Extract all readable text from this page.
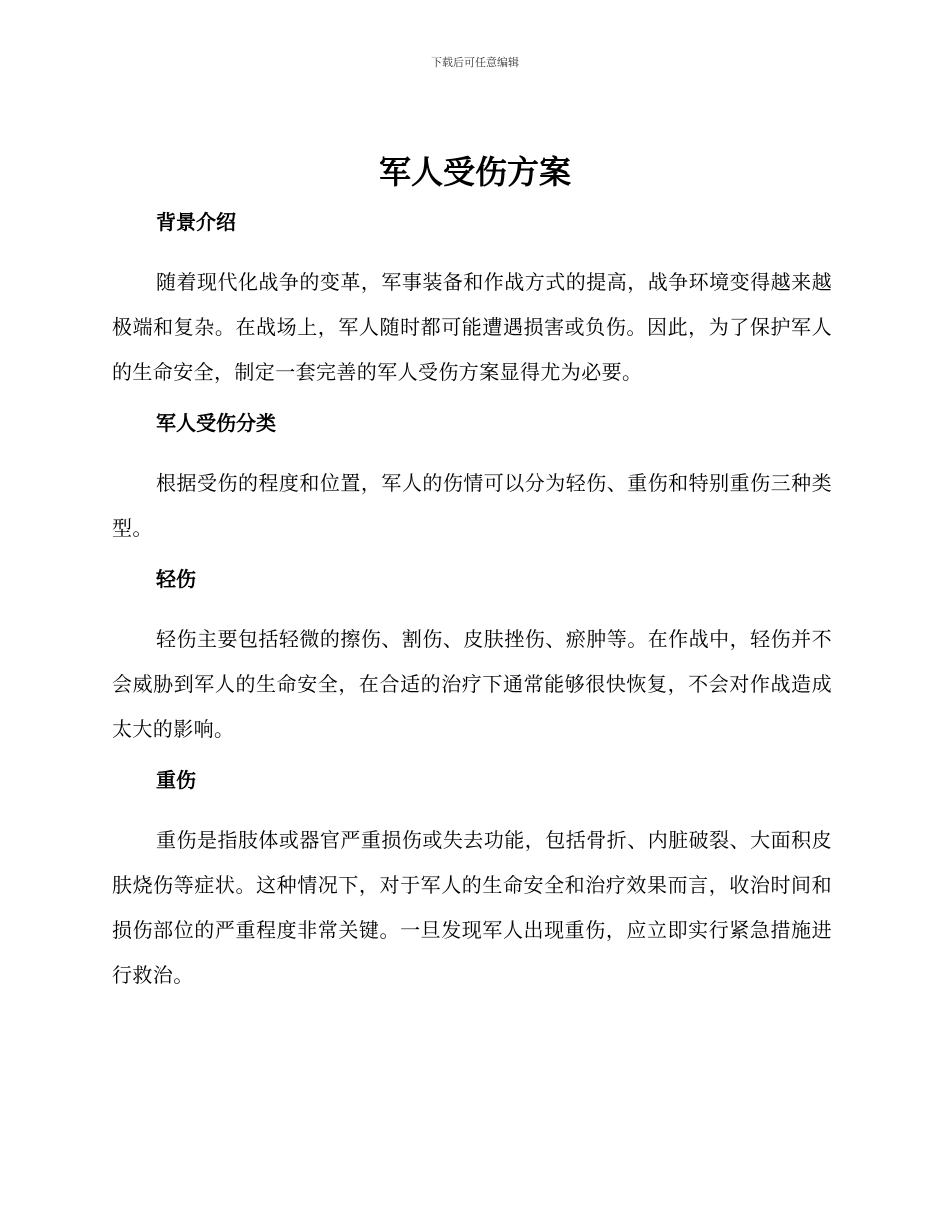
下载后可任意编辑
军人受伤方案
背景介绍

随着现代化战争的变革，军事装备和作战方式的提高，战争环境变得越来越极端和复杂。在战场上，军人随时都可能遭遇损害或负伤。因此，为了保护军人的生命安全，制定一套完善的军人受伤方案显得尤为必要。

军人受伤分类

根据受伤的程度和位置，军人的伤情可以分为轻伤、重伤和特别重伤三种类型。

轻伤

轻伤主要包括轻微的擦伤、割伤、皮肤挫伤、瘀肿等。在作战中，轻伤并不会威胁到军人的生命安全，在合适的治疗下通常能够很快恢复，不会对作战造成太大的影响。

重伤

重伤是指肢体或器官严重损伤或失去功能，包括骨折、内脏破裂、大面积皮肤烧伤等症状。这种情况下，对于军人的生命安全和治疗效果而言，收治时间和损伤部位的严重程度非常关键。一旦发现军人出现重伤，应立即实行紧急措施进行救治。
